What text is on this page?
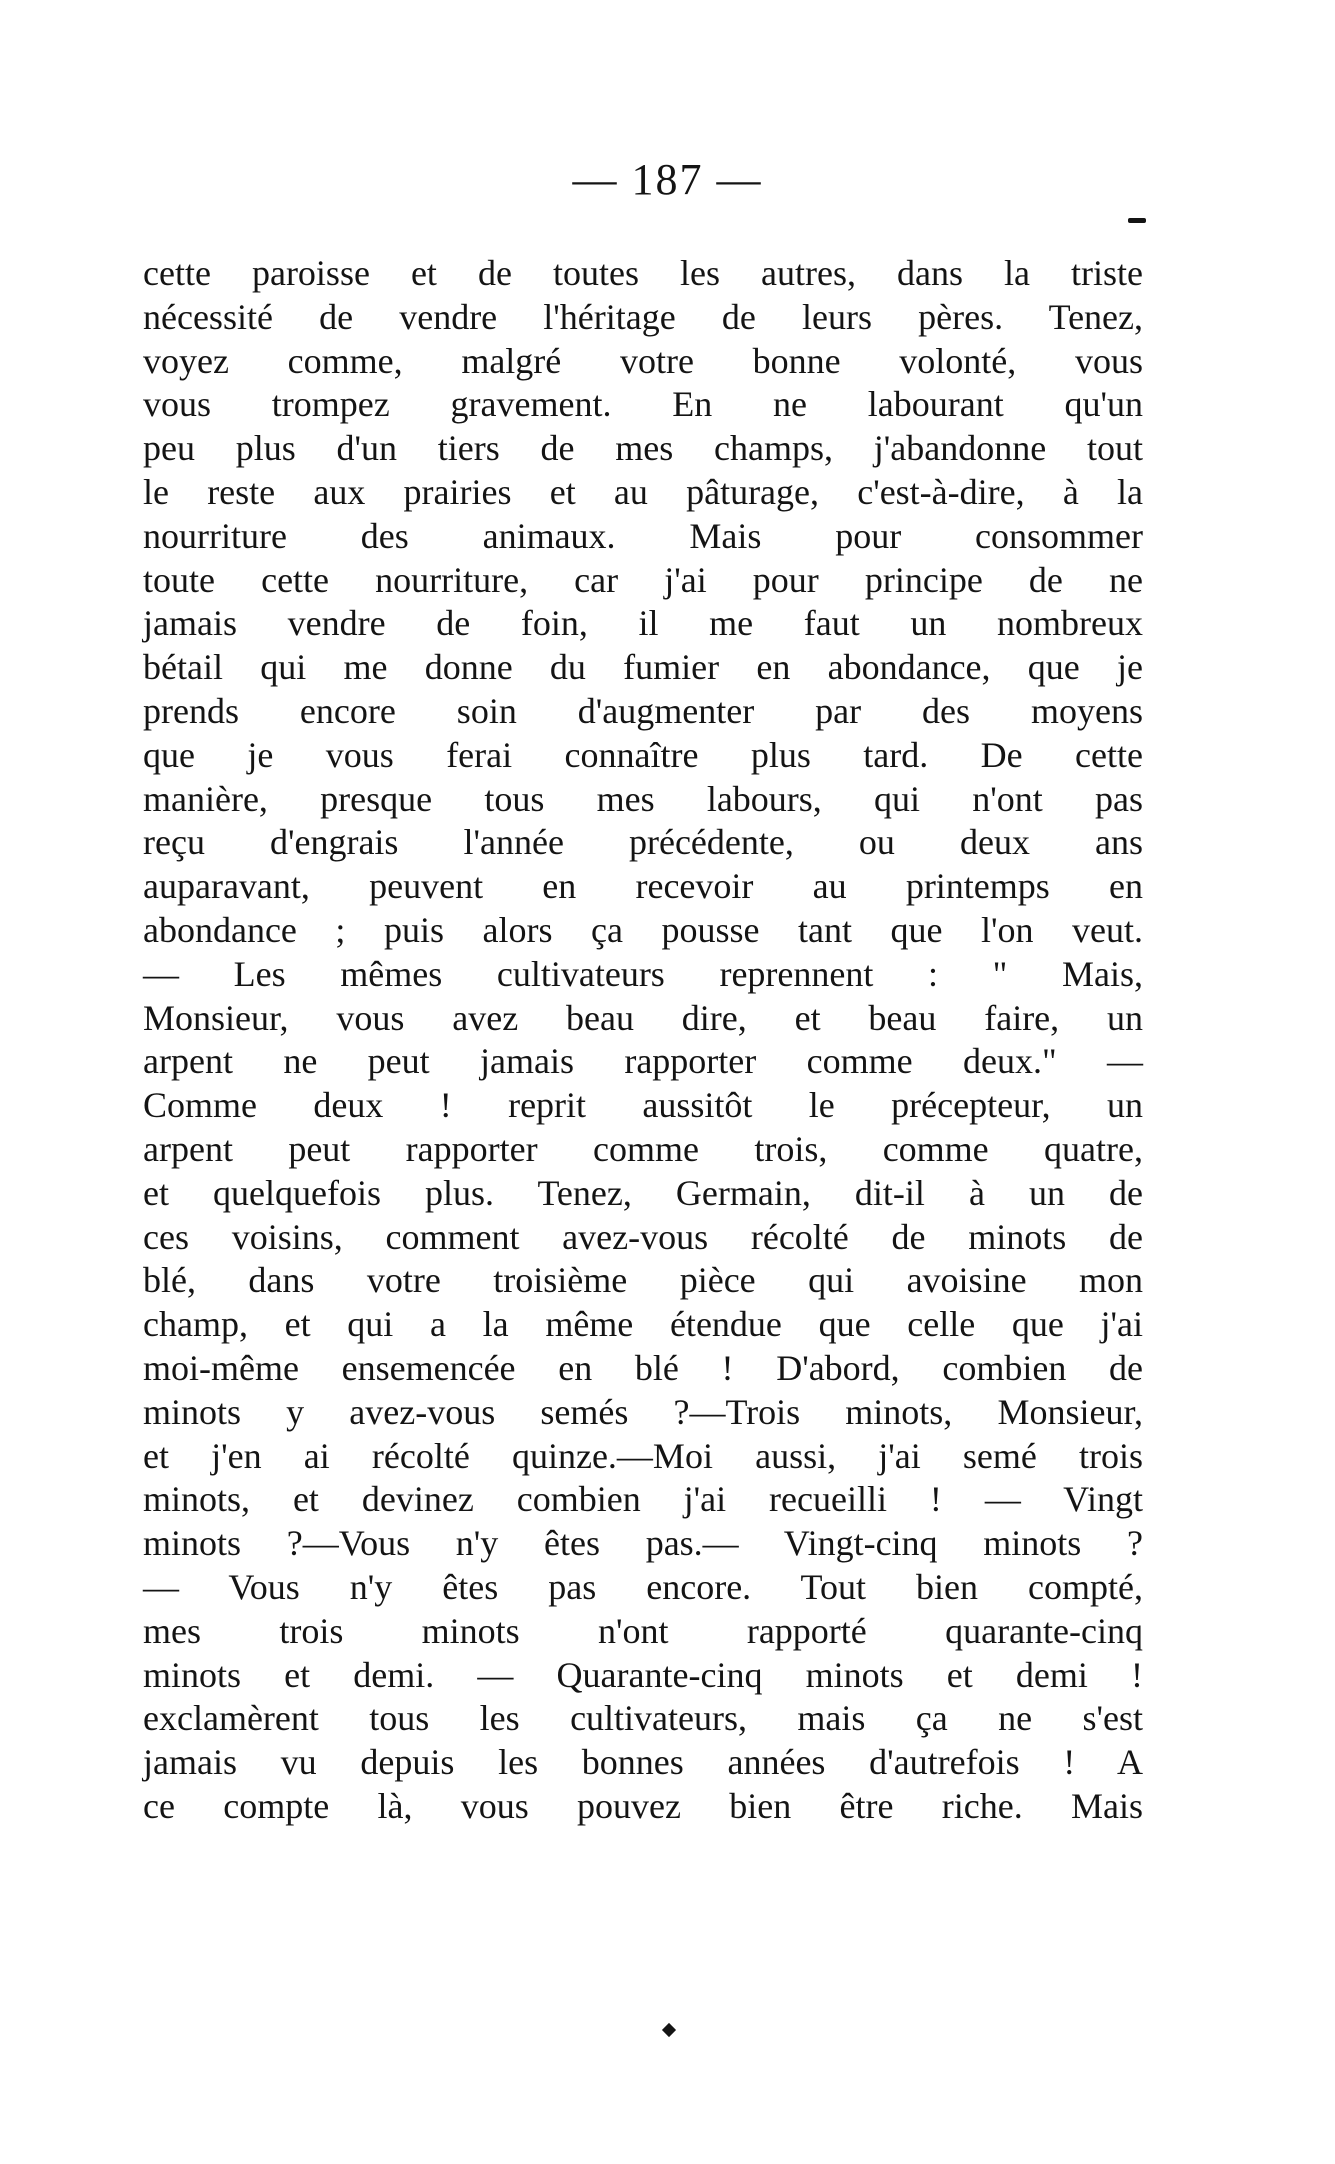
— 187 —
cette paroisse et de toutes les autres, dans la triste
nécessité de vendre l'héritage de leurs pères. Tenez,
voyez comme, malgré votre bonne volonté, vous
vous trompez gravement. En ne labourant qu'un
peu plus d'un tiers de mes champs, j'abandonne tout
le reste aux prairies et au pâturage, c'est-à-dire, à la
nourriture des animaux. Mais pour consommer
toute cette nourriture, car j'ai pour principe de ne
jamais vendre de foin, il me faut un nombreux
bétail qui me donne du fumier en abondance, que je
prends encore soin d'augmenter par des moyens
que je vous ferai connaître plus tard. De cette
manière, presque tous mes labours, qui n'ont pas
reçu d'engrais l'année précédente, ou deux ans
auparavant, peuvent en recevoir au printemps en
abondance ; puis alors ça pousse tant que l'on veut.
— Les mêmes cultivateurs reprennent : " Mais,
Monsieur, vous avez beau dire, et beau faire, un
arpent ne peut jamais rapporter comme deux." —
Comme deux ! reprit aussitôt le précepteur, un
arpent peut rapporter comme trois, comme quatre,
et quelquefois plus. Tenez, Germain, dit-il à un de
ces voisins, comment avez-vous récolté de minots de
blé, dans votre troisième pièce qui avoisine mon
champ, et qui a la même étendue que celle que j'ai
moi-même ensemencée en blé ! D'abord, combien de
minots y avez-vous semés ?—Trois minots, Monsieur,
et j'en ai récolté quinze.—Moi aussi, j'ai semé trois
minots, et devinez combien j'ai recueilli ! — Vingt
minots ?—Vous n'y êtes pas.— Vingt-cinq minots ?
— Vous n'y êtes pas encore. Tout bien compté,
mes trois minots n'ont rapporté quarante-cinq
minots et demi. — Quarante-cinq minots et demi !
exclamèrent tous les cultivateurs, mais ça ne s'est
jamais vu depuis les bonnes années d'autrefois ! A
ce compte là, vous pouvez bien être riche. Mais
